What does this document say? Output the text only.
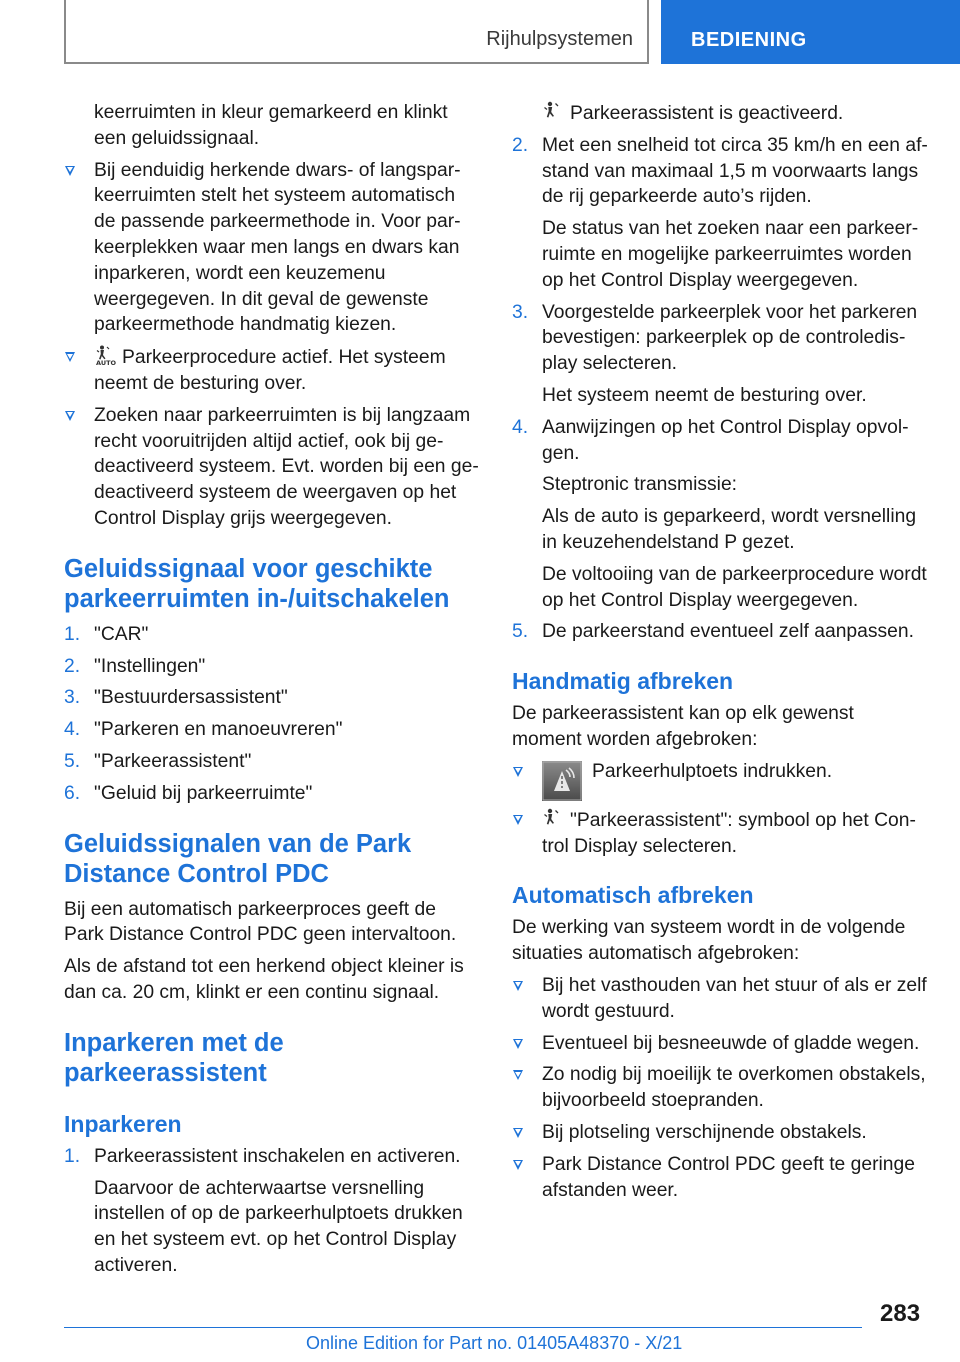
Rijhulpsystemen	BEDIENING

keerruimten in kleur gemarkeerd en klinkt een geluidssignaal.

Bij eenduidig herkende dwars- of langsparkeerruimten stelt het systeem automatisch de passende parkeermethode in. Voor parkeerplekken waar men langs en dwars kan inparkeren, wordt een keuzemenu weergegeven. In dit geval de gewenste parkeermethode handmatig kiezen.
AUTO Parkeerprocedure actief. Het systeem neemt de besturing over.
Zoeken naar parkeerruimten is bij langzaam recht vooruitrijden altijd actief, ook bij gedeactiveerd systeem. Evt. worden bij een gedeactiveerd systeem de weergaven op het Control Display grijs weergegeven.
Geluidssignaal voor geschikte parkeerruimten in-/uitschakelen
1. "CAR"
2. "Instellingen"
3. "Bestuurdersassistent"
4. "Parkeren en manoeuvreren"
5. "Parkeerassistent"
6. "Geluid bij parkeerruimte"
Geluidssignalen van de Park Distance Control PDC

Bij een automatisch parkeerproces geeft de Park Distance Control PDC geen intervaltoon.

Als de afstand tot een herkend object kleiner is dan ca. 20 cm, klinkt er een continu signaal.

Inparkeren met de parkeerassistent
Inparkeren
1. Parkeerassistent inschakelen en activeren.

Daarvoor de achterwaartse versnelling instellen of op de parkeerhulptoets drukken en het systeem evt. op het Control Display activeren.

Parkeerassistent is geactiveerd.

2. Met een snelheid tot circa 35 km/h en een afstand van maximaal 1,5 m voorwaarts langs de rij geparkeerde auto’s rijden.

De status van het zoeken naar een parkeerruimte en mogelijke parkeerruimtes worden op het Control Display weergegeven.

3. Voorgestelde parkeerplek voor het parkeren bevestigen: parkeerplek op de controledisplay selecteren.

Het systeem neemt de besturing over.

4. Aanwijzingen op het Control Display opvolgen.

Steptronic transmissie:

Als de auto is geparkeerd, wordt versnelling in keuzehendelstand P gezet.

De voltooiing van de parkeerprocedure wordt op het Control Display weergegeven.

5. De parkeerstand eventueel zelf aanpassen.
Handmatig afbreken

De parkeerassistent kan op elk gewenst moment worden afgebroken:

Parkeerhulptoets indrukken.
"Parkeerassistent": symbool op het Control Display selecteren.
Automatisch afbreken

De werking van systeem wordt in de volgende situaties automatisch afgebroken:

Bij het vasthouden van het stuur of als er zelf wordt gestuurd.
Eventueel bij besneeuwde of gladde wegen.
Zo nodig bij moeilijk te overkomen obstakels, bijvoorbeeld stoepranden.
Bij plotseling verschijnende obstakels.
Park Distance Control PDC geeft te geringe afstanden weer.
283
Online Edition for Part no. 01405A48370 - X/21
